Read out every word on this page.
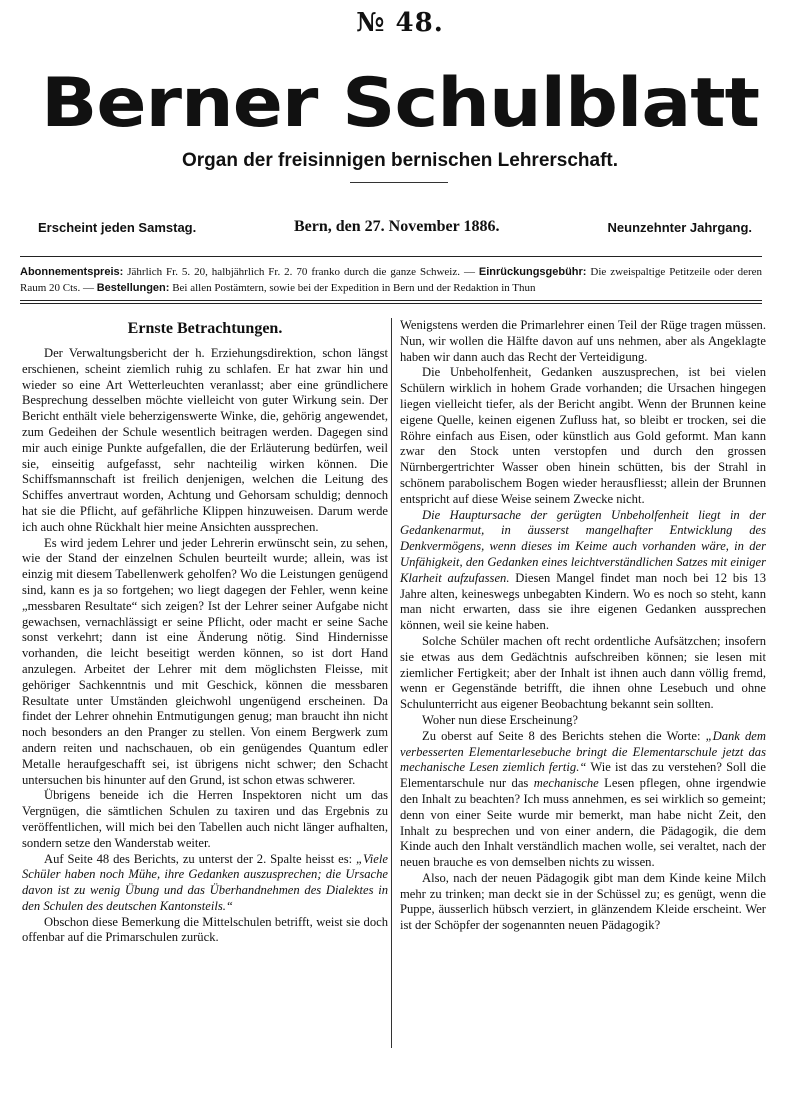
№ 48.
Berner Schulblatt
Organ der freisinnigen bernischen Lehrerschaft.
Erscheint jeden Samstag.	Bern, den 27. November 1886.	Neunzehnter Jahrgang.
Abonnementspreis: Jährlich Fr. 5. 20, halbjährlich Fr. 2. 70 franko durch die ganze Schweiz. — Einrückungsgebühr: Die zweispaltige Petitzeile oder deren Raum 20 Cts. — Bestellungen: Bei allen Postämtern, sowie bei der Expedition in Bern und der Redaktion in Thun
Ernste Betrachtungen.

Der Verwaltungsbericht der h. Erziehungsdirektion, schon längst erschienen, scheint ziemlich ruhig zu schlafen. Er hat zwar hin und wieder so eine Art Wetterleuchten veranlasst; aber eine gründlichere Besprechung desselben möchte vielleicht von guter Wirkung sein. Der Bericht enthält viele beherzigenswerte Winke, die, gehörig angewendet, zum Gedeihen der Schule wesentlich beitragen werden. Dagegen sind mir auch einige Punkte aufgefallen, die der Erläuterung bedürfen, weil sie, einseitig aufgefasst, sehr nachteilig wirken können. Die Schiffsmannschaft ist freilich denjenigen, welchen die Leitung des Schiffes anvertraut worden, Achtung und Gehorsam schuldig; dennoch hat sie die Pflicht, auf gefährliche Klippen hinzuweisen. Darum werde ich auch ohne Rückhalt hier meine Ansichten aussprechen.

Es wird jedem Lehrer und jeder Lehrerin erwünscht sein, zu sehen, wie der Stand der einzelnen Schulen beurteilt wurde; allein, was ist einzig mit diesem Tabellenwerk geholfen? Wo die Leistungen genügend sind, kann es ja so fortgehen; wo liegt dagegen der Fehler, wenn keine „messbaren Resultate“ sich zeigen? Ist der Lehrer seiner Aufgabe nicht gewachsen, vernachlässigt er seine Pflicht, oder macht er seine Sache sonst verkehrt; dann ist eine Änderung nötig. Sind Hindernisse vorhanden, die leicht beseitigt werden können, so ist dort Hand anzulegen. Arbeitet der Lehrer mit dem möglichsten Fleisse, mit gehöriger Sachkenntnis und mit Geschick, können die messbaren Resultate unter Umständen gleichwohl ungenügend erscheinen. Da findet der Lehrer ohnehin Entmutigungen genug; man braucht ihn nicht noch besonders an den Pranger zu stellen. Von einem Bergwerk zum andern reiten und nachschauen, ob ein genügendes Quantum edler Metalle heraufgeschafft sei, ist übrigens nicht schwer; den Schacht untersuchen bis hinunter auf den Grund, ist schon etwas schwerer.

Übrigens beneide ich die Herren Inspektoren nicht um das Vergnügen, die sämtlichen Schulen zu taxiren und das Ergebnis zu veröffentlichen, will mich bei den Tabellen auch nicht länger aufhalten, sondern setze den Wanderstab weiter.

Auf Seite 48 des Berichts, zu unterst der 2. Spalte heisst es: „Viele Schüler haben noch Mühe, ihre Gedanken auszusprechen; die Ursache davon ist zu wenig Übung und das Überhandnehmen des Dialektes in den Schulen des deutschen Kantonsteils.“

Obschon diese Bemerkung die Mittelschulen betrifft, weist sie doch offenbar auf die Primarschulen zurück.

Wenigstens werden die Primarlehrer einen Teil der Rüge tragen müssen. Nun, wir wollen die Hälfte davon auf uns nehmen, aber als Angeklagte haben wir dann auch das Recht der Verteidigung.

Die Unbeholfenheit, Gedanken auszusprechen, ist bei vielen Schülern wirklich in hohem Grade vorhanden; die Ursachen hingegen liegen vielleicht tiefer, als der Bericht angibt. Wenn der Brunnen keine eigene Quelle, keinen eigenen Zufluss hat, so bleibt er trocken, sei die Röhre einfach aus Eisen, oder künstlich aus Gold geformt. Man kann zwar den Stock unten verstopfen und durch den grossen Nürnbergertrichter Wasser oben hinein schütten, bis der Strahl in schönem parabolischem Bogen wieder herausfliesst; allein der Brunnen entspricht auf diese Weise seinem Zwecke nicht.

Die Hauptursache der gerügten Unbeholfenheit liegt in der Gedankenarmut, in äusserst mangelhafter Entwicklung des Denkvermögens, wenn dieses im Keime auch vorhanden wäre, in der Unfähigkeit, den Gedanken eines leichtverständlichen Satzes mit einiger Klarheit aufzufassen. Diesen Mangel findet man noch bei 12 bis 13 Jahre alten, keineswegs unbegabten Kindern. Wo es noch so steht, kann man nicht erwarten, dass sie ihre eigenen Gedanken aussprechen können, weil sie keine haben.

Solche Schüler machen oft recht ordentliche Aufsätzchen; insofern sie etwas aus dem Gedächtnis aufschreiben können; sie lesen mit ziemlicher Fertigkeit; aber der Inhalt ist ihnen auch dann völlig fremd, wenn er Gegenstände betrifft, die ihnen ohne Lesebuch und ohne Schulunterricht aus eigener Beobachtung bekannt sein sollten.

Woher nun diese Erscheinung?

Zu oberst auf Seite 8 des Berichts stehen die Worte: „Dank dem verbesserten Elementarlesebuche bringt die Elementarschule jetzt das mechanische Lesen ziemlich fertig.“ Wie ist das zu verstehen? Soll die Elementarschule nur das mechanische Lesen pflegen, ohne irgendwie den Inhalt zu beachten? Ich muss annehmen, es sei wirklich so gemeint; denn von einer Seite wurde mir bemerkt, man habe nicht Zeit, den Inhalt zu besprechen und von einer andern, die Pädagogik, die dem Kinde auch den Inhalt verständlich machen wolle, sei veraltet, nach der neuen brauche es von demselben nichts zu wissen.

Also, nach der neuen Pädagogik gibt man dem Kinde keine Milch mehr zu trinken; man deckt sie in der Schüssel zu; es genügt, wenn die Puppe, äusserlich hübsch verziert, in glänzendem Kleide erscheint. Wer ist der Schöpfer der sogenannten neuen Pädagogik?
